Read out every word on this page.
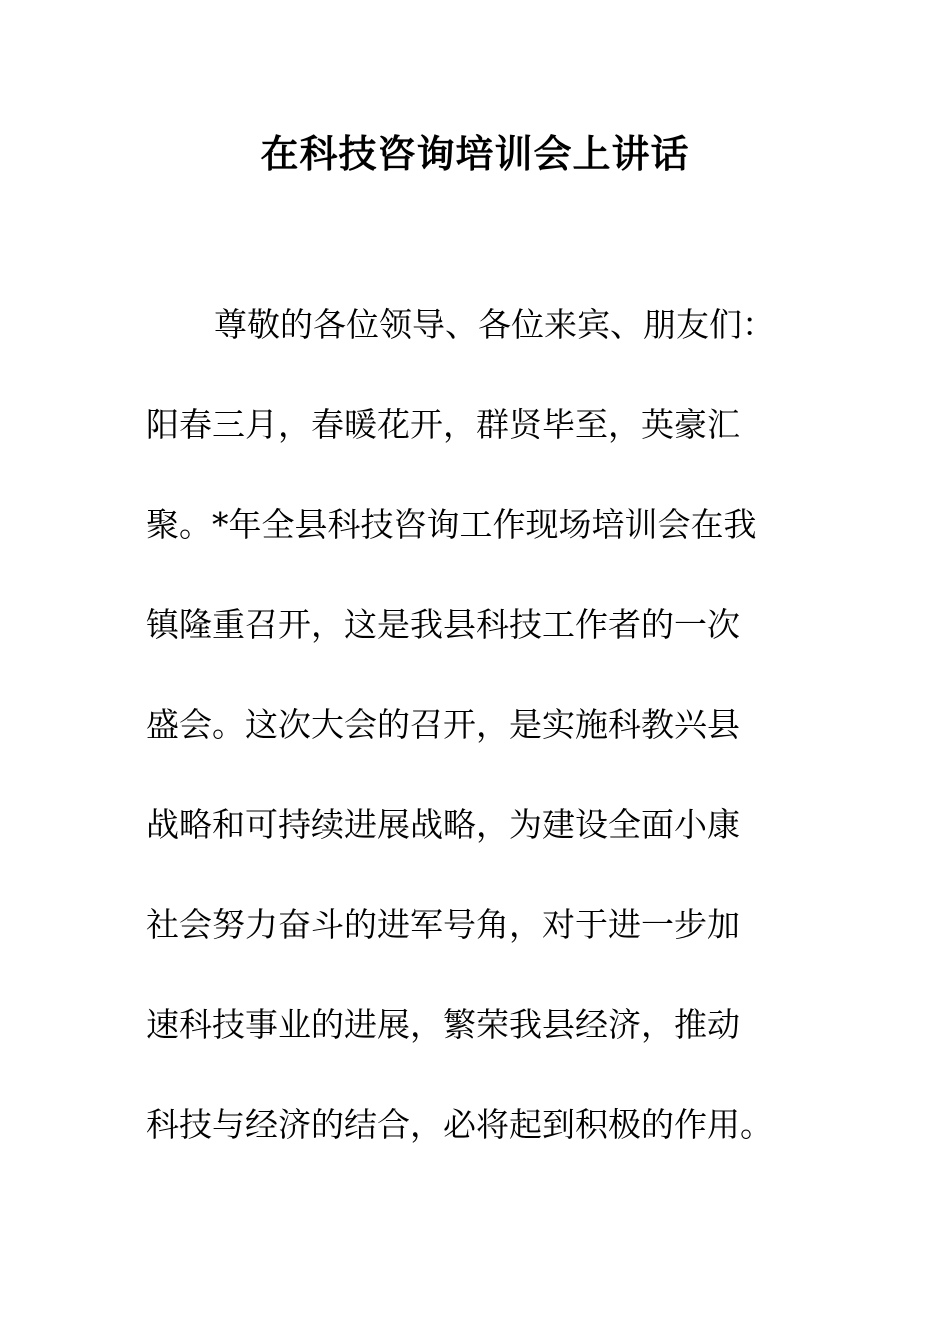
在科技咨询培训会上讲话
尊敬的各位领导、各位来宾、朋友们：
阳春三月，春暖花开，群贤毕至，英豪汇
聚。*年全县科技咨询工作现场培训会在我
镇隆重召开，这是我县科技工作者的一次
盛会。这次大会的召开，是实施科教兴县
战略和可持续进展战略，为建设全面小康
社会努力奋斗的进军号角，对于进一步加
速科技事业的进展，繁荣我县经济，推动
科技与经济的结合，必将起到积极的作用。
